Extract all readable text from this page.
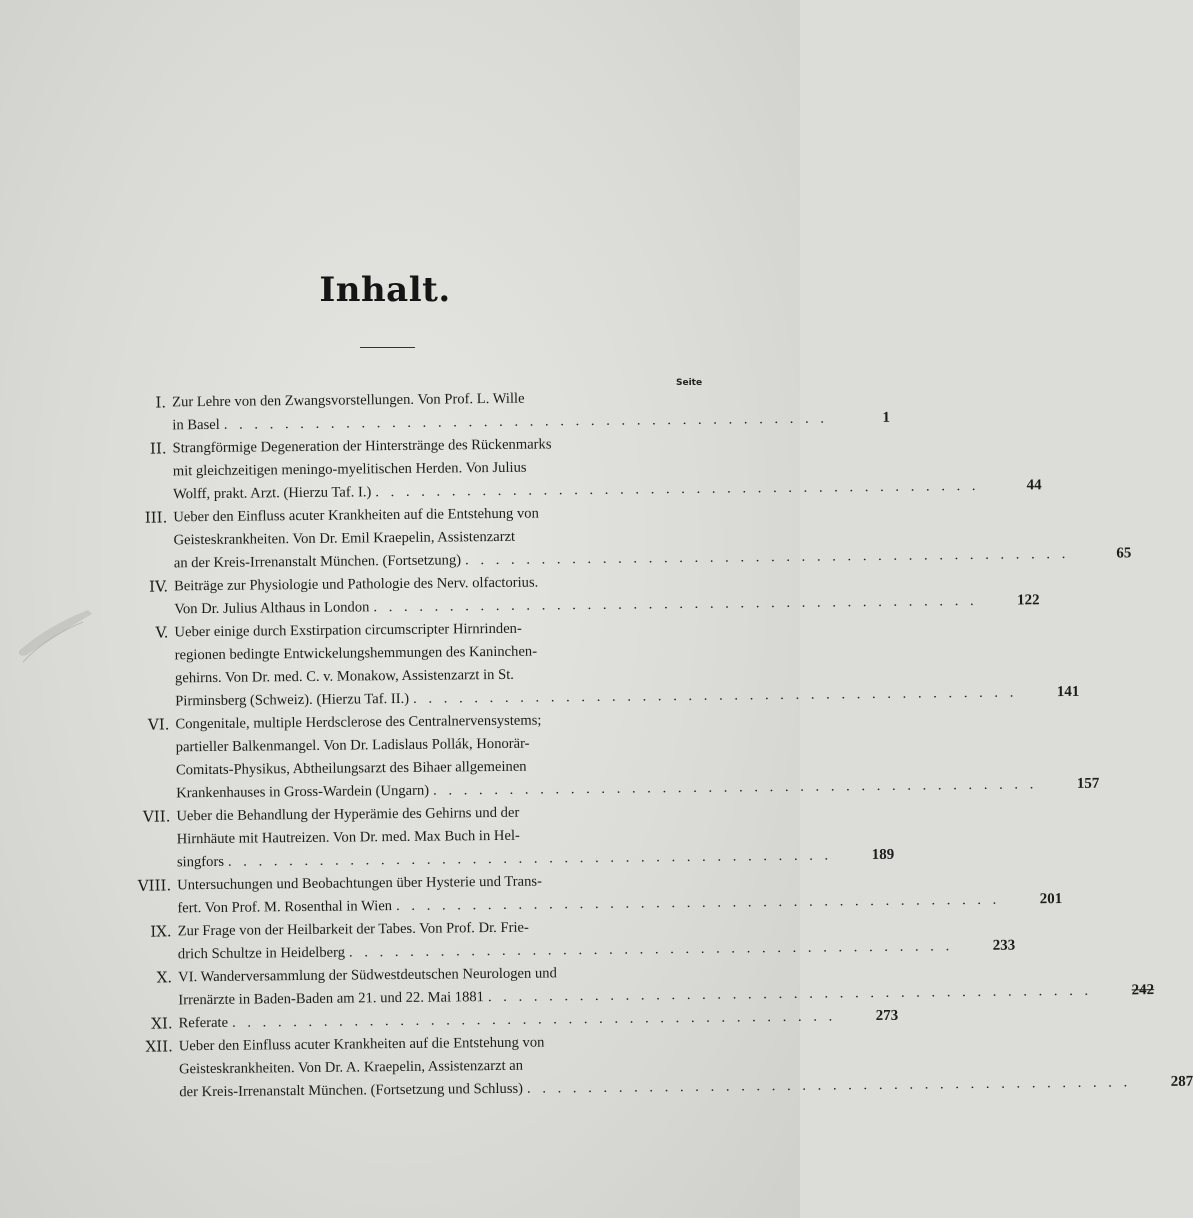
Inhalt.
Seite
I. Zur Lehre von den Zwangsvorstellungen. Von Prof. L. Wille
in Basel . . . . . . . . . . . . . . . . . . . . . . . . . . . . . . . . . . . . . . . .	1
II. Strangförmige Degeneration der Hinterstränge des Rückenmarks
mit gleichzeitigen meningo-myelitischen Herden. Von Julius
Wolff, prakt. Arzt. (Hierzu Taf. I.) . . . . . . . . . . . . . . . . . . . . . . . . . . . . . . . . . . . . . . . .	44
III. Ueber den Einfluss acuter Krankheiten auf die Entstehung von
Geisteskrankheiten. Von Dr. Emil Kraepelin, Assistenzarzt
an der Kreis-Irrenanstalt München. (Fortsetzung) . . . . . . . . . . . . . . . . . . . . . . . . . . . . . . . . . . . . . . . .	65
IV. Beiträge zur Physiologie und Pathologie des Nerv. olfactorius.
Von Dr. Julius Althaus in London . . . . . . . . . . . . . . . . . . . . . . . . . . . . . . . . . . . . . . . .	122
V. Ueber einige durch Exstirpation circumscripter Hirnrinden-
regionen bedingte Entwickelungshemmungen des Kaninchen-
gehirns. Von Dr. med. C. v. Monakow, Assistenzarzt in St.
Pirminsberg (Schweiz). (Hierzu Taf. II.) . . . . . . . . . . . . . . . . . . . . . . . . . . . . . . . . . . . . . . . .	141
VI. Congenitale, multiple Herdsclerose des Centralnervensystems;
partieller Balkenmangel. Von Dr. Ladislaus Pollák, Honorär-
Comitats-Physikus, Abtheilungsarzt des Bihaer allgemeinen
Krankenhauses in Gross-Wardein (Ungarn) . . . . . . . . . . . . . . . . . . . . . . . . . . . . . . . . . . . . . . . .	157
VII. Ueber die Behandlung der Hyperämie des Gehirns und der
Hirnhäute mit Hautreizen. Von Dr. med. Max Buch in Hel-
singfors . . . . . . . . . . . . . . . . . . . . . . . . . . . . . . . . . . . . . . . .	189
VIII. Untersuchungen und Beobachtungen über Hysterie und Trans-
fert. Von Prof. M. Rosenthal in Wien . . . . . . . . . . . . . . . . . . . . . . . . . . . . . . . . . . . . . . . .	201
IX. Zur Frage von der Heilbarkeit der Tabes. Von Prof. Dr. Frie-
drich Schultze in Heidelberg . . . . . . . . . . . . . . . . . . . . . . . . . . . . . . . . . . . . . . . .	233
X. VI. Wanderversammlung der Südwestdeutschen Neurologen und
Irrenärzte in Baden-Baden am 21. und 22. Mai 1881 . . . . . . . . . . . . . . . . . . . . . . . . . . . . . . . . . . . . . . . .	242
XI. Referate . . . . . . . . . . . . . . . . . . . . . . . . . . . . . . . . . . . . . . . .	273
XII. Ueber den Einfluss acuter Krankheiten auf die Entstehung von
Geisteskrankheiten. Von Dr. A. Kraepelin, Assistenzarzt an
der Kreis-Irrenanstalt München. (Fortsetzung und Schluss) . . . . . . . . . . . . . . . . . . . . . . . . . . . . . . . . . . . . . . . .	287
